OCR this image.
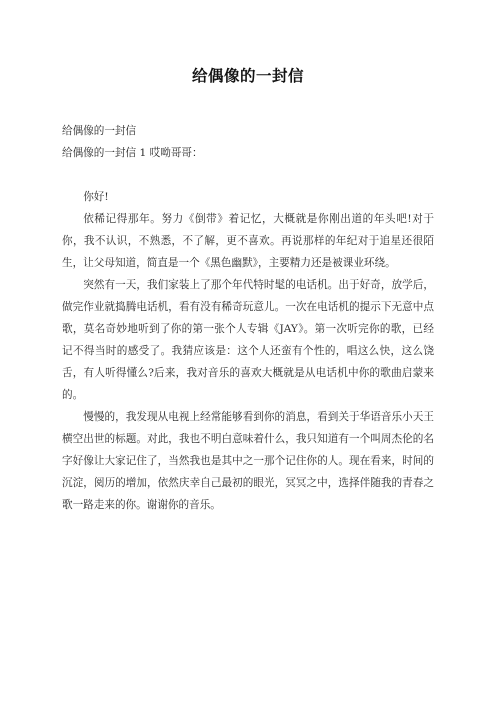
给偶像的一封信

给偶像的一封信

给偶像的一封信 1 哎呦哥哥：

你好!

依稀记得那年。努力《倒带》着记忆，大概就是你刚出道的年头吧!对于你，我不认识，不熟悉，不了解，更不喜欢。再说那样的年纪对于追星还很陌生，让父母知道，简直是一个《黑色幽默》，主要精力还是被课业环绕。

突然有一天，我们家装上了那个年代特时髦的电话机。出于好奇，放学后，做完作业就捣腾电话机，看有没有稀奇玩意儿。一次在电话机的提示下无意中点歌，莫名奇妙地听到了你的第一张个人专辑《JAY》。第一次听完你的歌，已经记不得当时的感受了。我猜应该是：这个人还蛮有个性的，唱这么快，这么饶舌，有人听得懂么?后来，我对音乐的喜欢大概就是从电话机中你的歌曲启蒙来的。

慢慢的，我发现从电视上经常能够看到你的消息，看到关于华语音乐小天王横空出世的标题。对此，我也不明白意味着什么，我只知道有一个叫周杰伦的名字好像让大家记住了，当然我也是其中之一那个记住你的人。现在看来，时间的沉淀，阅历的增加，依然庆幸自己最初的眼光，冥冥之中，选择伴随我的青春之歌一路走来的你。谢谢你的音乐。
